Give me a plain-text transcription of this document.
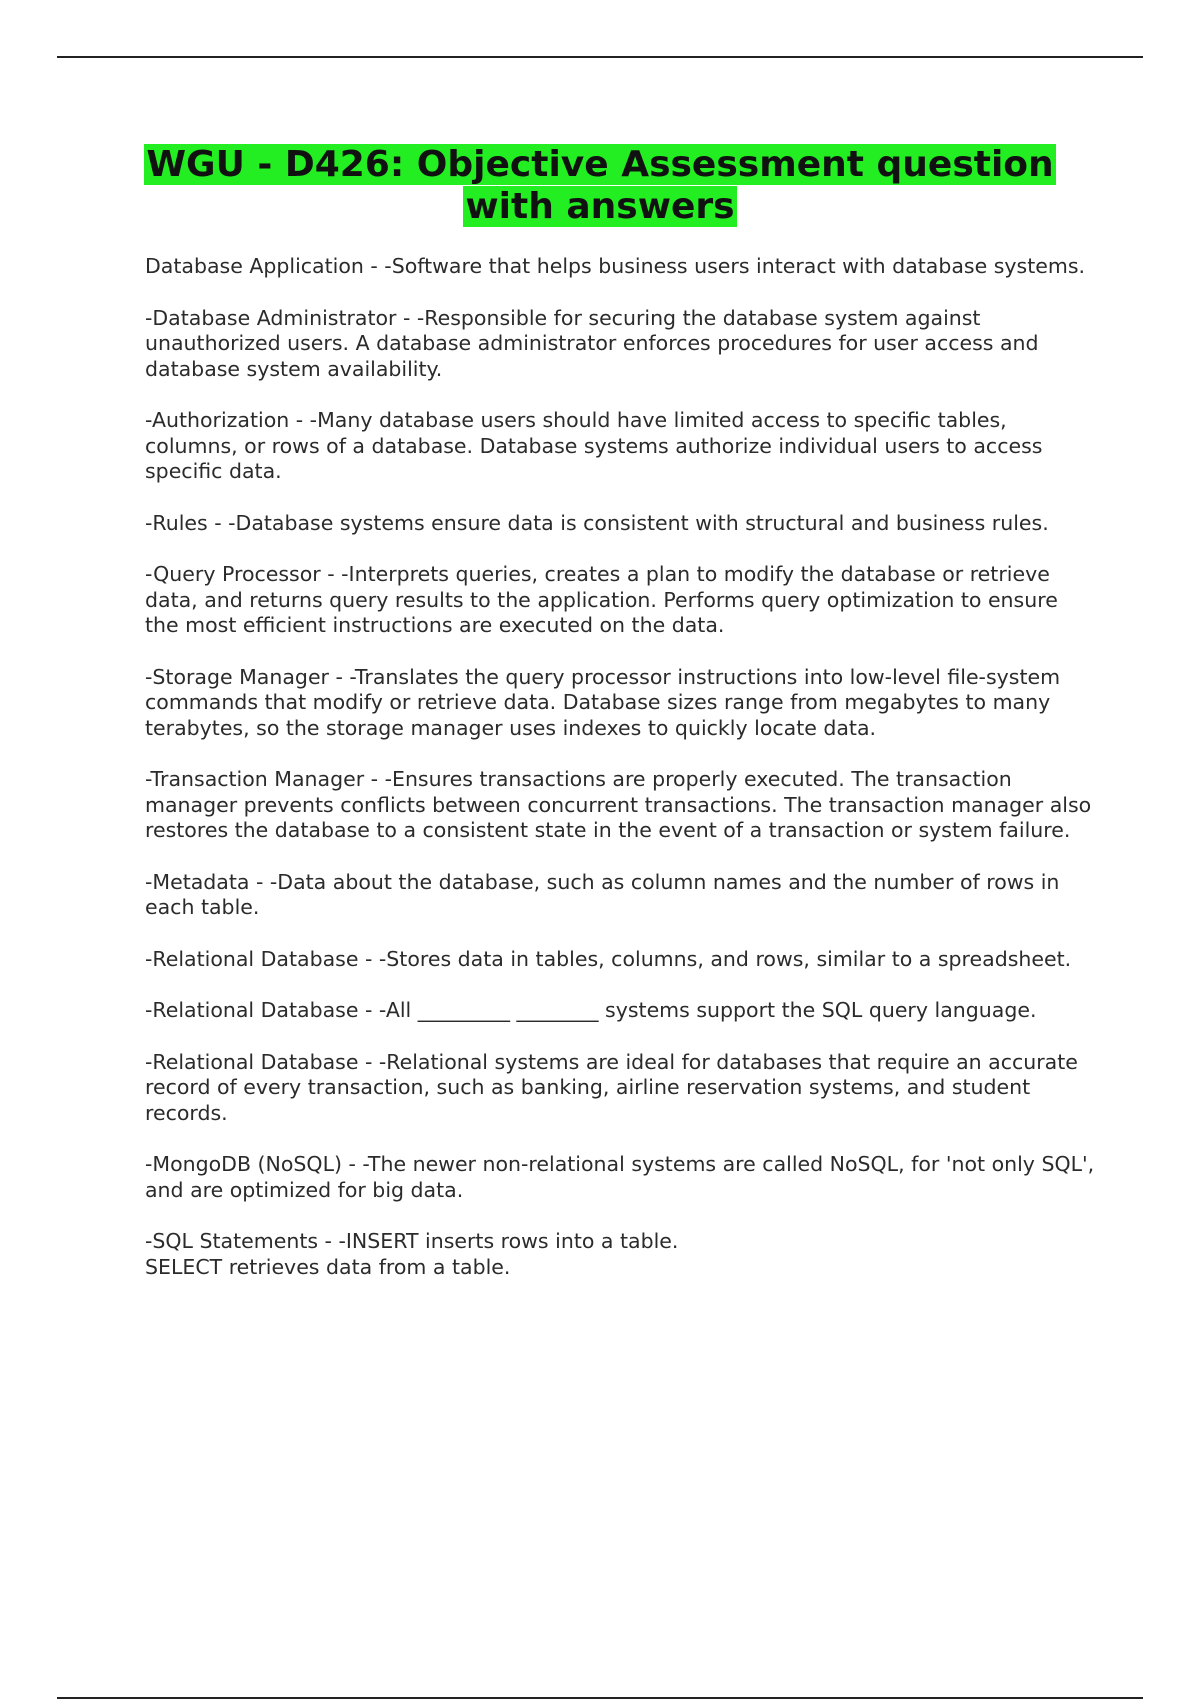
WGU - D426: Objective Assessment question with answers

Database Application - -Software that helps business users interact with database systems.

-Database Administrator - -Responsible for securing the database system against unauthorized users. A database administrator enforces procedures for user access and database system availability.

-Authorization - -Many database users should have limited access to specific tables, columns, or rows of a database. Database systems authorize individual users to access specific data.

-Rules - -Database systems ensure data is consistent with structural and business rules.

-Query Processor - -Interprets queries, creates a plan to modify the database or retrieve data, and returns query results to the application. Performs query optimization to ensure the most efficient instructions are executed on the data.

-Storage Manager - -Translates the query processor instructions into low-level file-system commands that modify or retrieve data. Database sizes range from megabytes to many terabytes, so the storage manager uses indexes to quickly locate data.

-Transaction Manager - -Ensures transactions are properly executed. The transaction manager prevents conflicts between concurrent transactions. The transaction manager also restores the database to a consistent state in the event of a transaction or system failure.

-Metadata - -Data about the database, such as column names and the number of rows in each table.

-Relational Database - -Stores data in tables, columns, and rows, similar to a spreadsheet.

-Relational Database - -All _________ ________ systems support the SQL query language.

-Relational Database - -Relational systems are ideal for databases that require an accurate record of every transaction, such as banking, airline reservation systems, and student records.

-MongoDB (NoSQL) - -The newer non-relational systems are called NoSQL, for 'not only SQL', and are optimized for big data.

-SQL Statements - -INSERT inserts rows into a table.
SELECT retrieves data from a table.
